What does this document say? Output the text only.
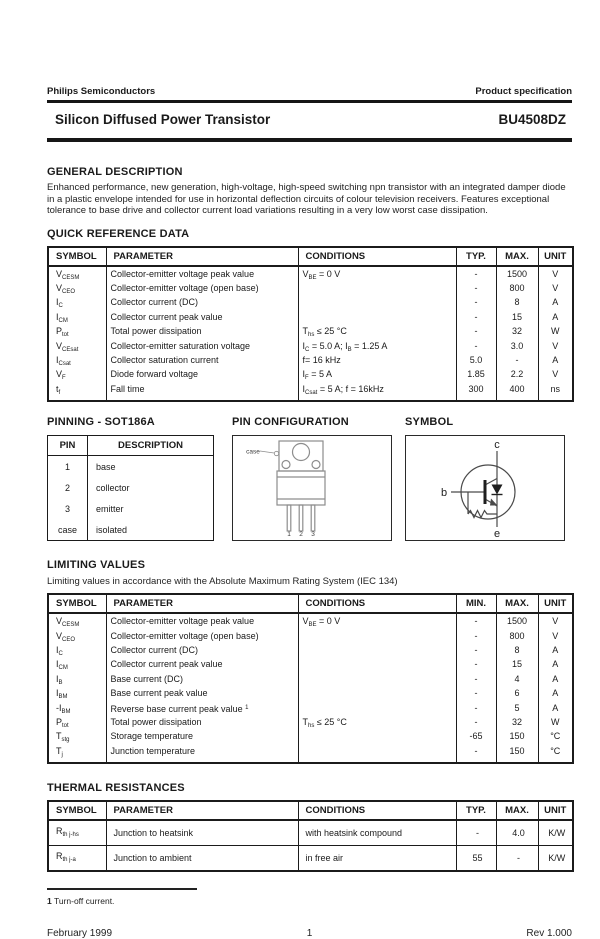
Philips Semiconductors	Product specification
Silicon Diffused Power Transistor	BU4508DZ
GENERAL DESCRIPTION

Enhanced performance, new generation, high-voltage, high-speed switching npn transistor with an integrated damper diode in a plastic envelope intended for use in horizontal deflection circuits of colour television receivers. Features exceptional tolerance to base drive and collector current load variations resulting in a very low worst case dissipation.

QUICK REFERENCE DATA
SYMBOL	PARAMETER	CONDITIONS	TYP.	MAX.	UNIT
$V_{CESM}$	Collector-emitter voltage peak value	$V_{BE} = 0$ V	-	1500	V
$V_{CEO}$	Collector-emitter voltage (open base)		-	800	V
$I_C$	Collector current (DC)		-	8	A
$I_{CM}$	Collector current peak value		-	15	A
$P_{tot}$	Total power dissipation	$T_{hs} \le 25$ °C	-	32	W
$V_{CEsat}$	Collector-emitter saturation voltage	$I_C = 5.0$ A; $I_B = 1.25$ A	-	3.0	V
$I_{Csat}$	Collector saturation current	f= 16 kHz	5.0	-	A
$V_F$	Diode forward voltage	$I_F = 5$ A	1.85	2.2	V
$t_f$	Fall time	$I_{Csat} = 5$ A; f = 16kHz	300	400	ns
PINNING - SOT186A
PIN	DESCRIPTION
1	base
2	collector
3	emitter
case	isolated
PIN CONFIGURATION
case
1 2 3
SYMBOL
c
b
e
LIMITING VALUES

Limiting values in accordance with the Absolute Maximum Rating System (IEC 134)

SYMBOL	PARAMETER	CONDITIONS	MIN.	MAX.	UNIT
$V_{CESM}$	Collector-emitter voltage peak value	$V_{BE} = 0$ V	-	1500	V
$V_{CEO}$	Collector-emitter voltage (open base)		-	800	V
$I_C$	Collector current (DC)		-	8	A
$I_{CM}$	Collector current peak value		-	15	A
$I_B$	Base current (DC)		-	4	A
$I_{BM}$	Base current peak value		-	6	A
$-I_{BM}$	Reverse base current peak value $^1$		-	5	A
$P_{tot}$	Total power dissipation	$T_{hs} \le 25$ °C	-	32	W
$T_{stg}$	Storage temperature		-65	150	°C
$T_j$	Junction temperature		-	150	°C
THERMAL RESISTANCES
SYMBOL	PARAMETER	CONDITIONS	TYP.	MAX.	UNIT
$R_{th j-hs}$	Junction to heatsink	with heatsink compound	-	4.0	K/W
$R_{th j-a}$	Junction to ambient	in free air	55	-	K/W

1 Turn-off current.

February 1999	1	Rev 1.000
